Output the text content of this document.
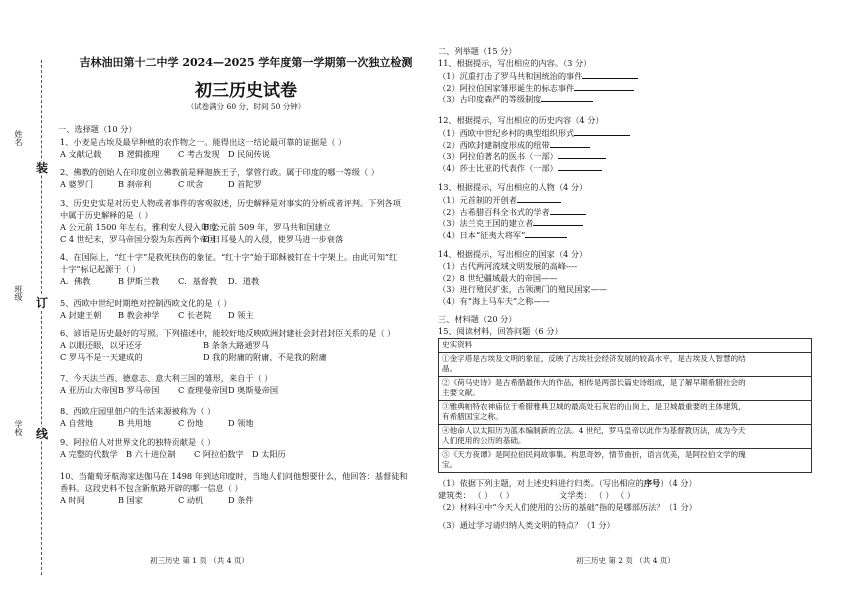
姓名
班级
学校
装
订
线
吉林油田第十二中学 2024—2025 学年度第一学期第一次独立检测
初三历史试卷
（试卷满分 60 分，时间 50 分钟）
一、选择题（10 分）
1、小麦是古埃及最早种植的农作物之一。能得出这一结论最可靠的证据是（ ）
A 文献记载 B 逻辑推理 C 考古发现 D 民间传说
2、佛教的创始人在印度创立佛教前是释迦族王子，掌管行政。属于印度的哪一等级（ ）
A 婆罗门	B 刹帝利	C 吠舍	D 首陀罗
3、历史史实是对历史人物或者事件的客观叙述，历史解释是对事实的分析或者评判。下列各项
中属于历史解释的是（ ）
A 公元前 1500 年左右，雅利安人侵入印度
B 公元前 509 年，罗马共和国建立
C 4 世纪末，罗马帝国分裂为东西两个帝国
D 日耳曼人的入侵，使罗马进一步衰落
4、在国际上，“红十字”是救死扶伤的象征。“红十字”始于耶稣被钉在十字架上。由此可知“红
十字”标记起源于（ ）
A．佛教	B 伊斯兰教 C．基督教 D．道教
5、西欧中世纪时期绝对控制西欧文化的是（ ）
A 封建王朝 B 教会神学 C 长老院 D 领主
6、谚语是历史最好的写照。下列描述中，能较好地反映欧洲封建社会封君封臣关系的是（ ）
A 以眼还眼，以牙还牙	B 条条大路通罗马
C 罗马不是一天建成的	D 我的附庸的附庸，不是我的附庸
7、今天法兰西、德意志、意大利三国的雏形，来自于（ ）
A 亚历山大帝国 B 罗马帝国 C 查理曼帝国 D 奥斯曼帝国
8、西欧庄园里佃户的生活来源被称为（ ）
A 自营地	B 共用地	C 份地	D 领地
9、阿拉伯人对世界文化的独特贡献是（ ）
A 完整的代数学 B 六十进位制 C 阿拉伯数字 D 太阳历
10、当葡萄牙航海家达伽马在 1498 年到达印度时，当地人们问他想要什么，他回答：基督徒和
香料。这段史料不包含新航路开辟的哪一信息（ ）
A 时间	B 国家	C 动机	D 条件
二、列举题（15 分）
11、根据提示，写出相应的内容。（3 分）
（1）沉重打击了罗马共和国统治的事件
（2）阿拉伯国家雏形诞生的标志事件
（3）古印度森严的等级制度
12、根据提示，写出相应的历史内容（4 分）
（1）西欧中世纪乡村的典型组织形式
（2）西欧封建制度形成的纽带
（3）阿拉伯著名的医书（一部）
（4）莎士比亚的代表作（一部）
13、根据提示，写出相应的人物（4 分）
（1）元首制的开创者
（2）古希腊百科全书式的学者
（3）法兰克王国的建立者
（4）日本“征夷大将军”
14、根据提示，写出相应的国家（4 分）
（1）古代两河流域文明发展的高峰----
（2）8 世纪疆域最大的帝国——
（3）进行殖民扩张，古领澳门的殖民国家——
（4）有“海上马车夫”之称——
三、材料题（20 分）
15、阅读材料，回答问题（6 分）
史实资料

①金字塔是古埃及文明的象征，反映了古埃社会经济发展的较高水平，是古埃及人智慧的结
晶。

②《荷马史诗》是古希腊最伟大的作品，相传是两部长篇史诗组成，是了解早期希腊社会的
主要文献。

③雅典帕特农神庙位于希腊雅典卫城的最高处石灰岩的山岗上，是卫城最重要的主体建筑，
有希腊国宝之称。

④他命人以太阳历为蓝本编制新的立法。4 世纪，罗马皇帝以此作为基督教历法，成为今天
人们使用的公历的基础。

⑤《天方夜谭》是阿拉伯民间故事集。构思奇妙，情节曲折，语言优美，是阿拉伯文学的瑰
宝。
（1）依据下列主题，对上述史料进行归类。（写出相应的序号）（4 分）
建筑类： （ ） （ ）	文学类： （ ） （ ）
（2）材料④中“今天人们使用的公历的基础”指的是哪部历法？（1 分）
（3）通过学习请归纳人类文明的特点？（1 分）
初三历史 第 1 页 （共 4 页）	初三历史 第 2 页 （共 4 页）
